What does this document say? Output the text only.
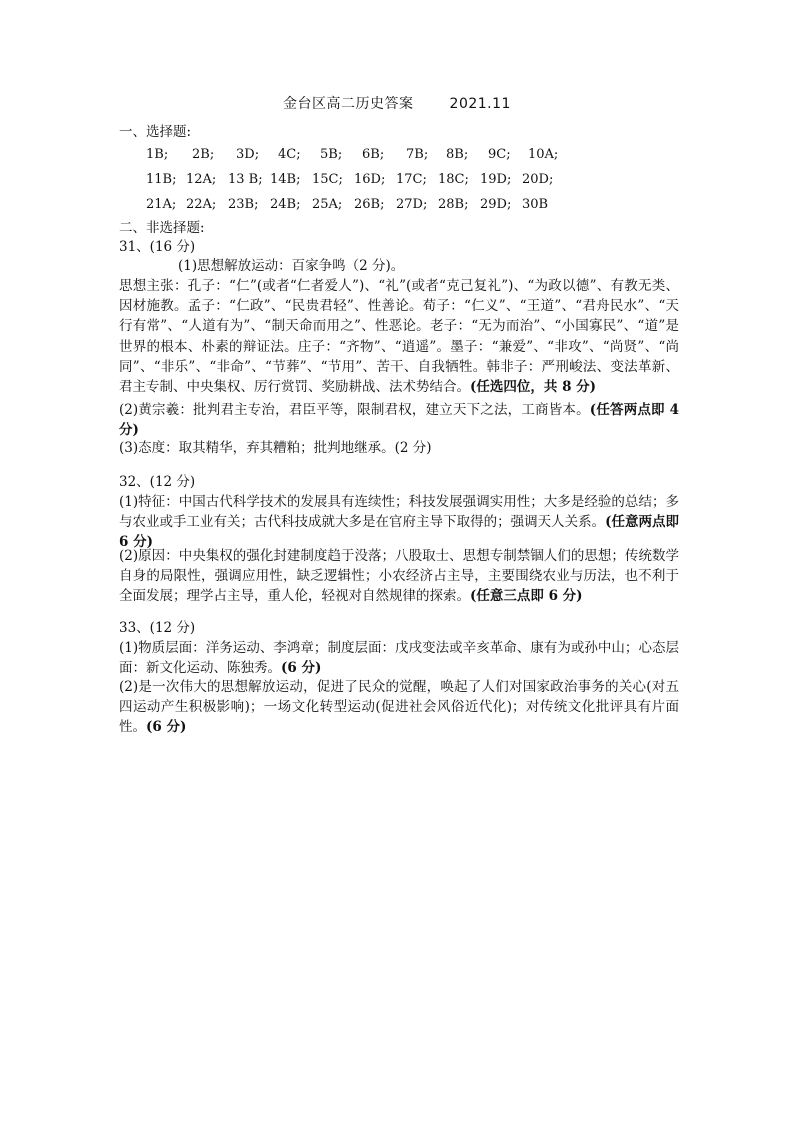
金台区高二历史答案	2021.11
一、选择题:
1B; 2B; 3D; 4C; 5B; 6B; 7B; 8B; 9C; 10A;
11B; 12A; 13 B; 14B; 15C; 16D; 17C; 18C; 19D; 20D;
21A; 22A; 23B; 24B; 25A; 26B; 27D; 28B; 29D; 30B
二、非选择题:
31、(16 分)
(1)思想解放运动：百家争鸣（2 分)。
思想主张：孔子：“仁”(或者“仁者爱人”)、“礼”(或者“克己复礼”)、“为政以德”、有教无类、因材施教。孟子：“仁政”、“民贵君轻”、性善论。荀子：“仁义”、“王道”、“君舟民水”、“天行有常”、“人道有为”、“制天命而用之”、性恶论。老子：“无为而治”、“小国寡民”、“道”是世界的根本、朴素的辩证法。庄子：“齐物”、“逍遥”。墨子：“兼爱”、“非攻”、“尚贤”、“尚同”、“非乐”、“非命”、“节葬”、“节用”、苦干、自我牺牲。韩非子：严刑峻法、变法革新、君主专制、中央集权、厉行赏罚、奖励耕战、法术势结合。(任选四位，共 8 分)
(2)黄宗羲：批判君主专治，君臣平等，限制君权，建立天下之法，工商皆本。(任答两点即 4 分)
(3)态度：取其精华，弃其糟粕；批判地继承。(2 分)
32、(12 分)
(1)特征：中国古代科学技术的发展具有连续性；科技发展强调实用性；大多是经验的总结；多与农业或手工业有关；古代科技成就大多是在官府主导下取得的；强调天人关系。(任意两点即 6 分)
(2)原因：中央集权的强化封建制度趋于没落；八股取士、思想专制禁锢人们的思想；传统数学自身的局限性，强调应用性，缺乏逻辑性；小农经济占主导，主要围绕农业与历法，也不利于全面发展；理学占主导，重人伦，轻视对自然规律的探索。(任意三点即 6 分)
33、(12 分)
(1)物质层面：洋务运动、李鸿章；制度层面：戊戌变法或辛亥革命、康有为或孙中山；心态层面：新文化运动、陈独秀。(6 分)
(2)是一次伟大的思想解放运动，促进了民众的觉醒，唤起了人们对国家政治事务的关心(对五四运动产生积极影响)；一场文化转型运动(促进社会风俗近代化)；对传统文化批评具有片面性。(6 分)
